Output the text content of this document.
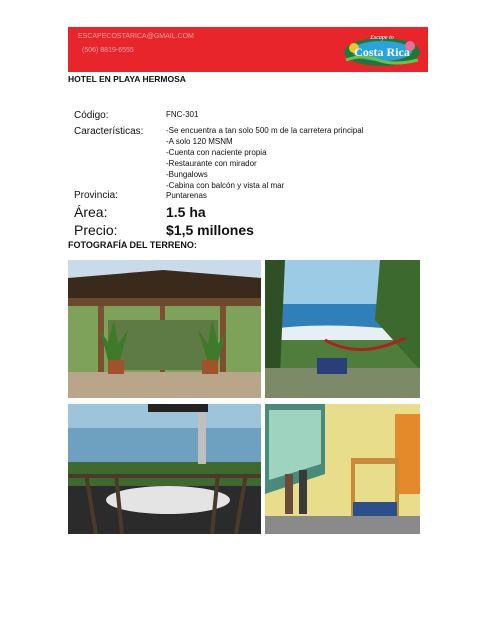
ESCAPECOSTARICA@GMAIL.COM
(506) 8819-6555
Escape to
Costa Rica
HOTEL EN PLAYA HERMOSA
Código:	FNC-301
Características:	-Se encuentra a tan solo 500 m de la carretera principal
-A solo 120 MSNM
-Cuenta con naciente propia
-Restaurante con mirador
-Bungalows
-Cabina con balcón y vista al mar
Provincia:	Puntarenas
Área:	1.5 ha
Precio:	$1,5 millones
FOTOGRAFÍA DEL TERRENO:
